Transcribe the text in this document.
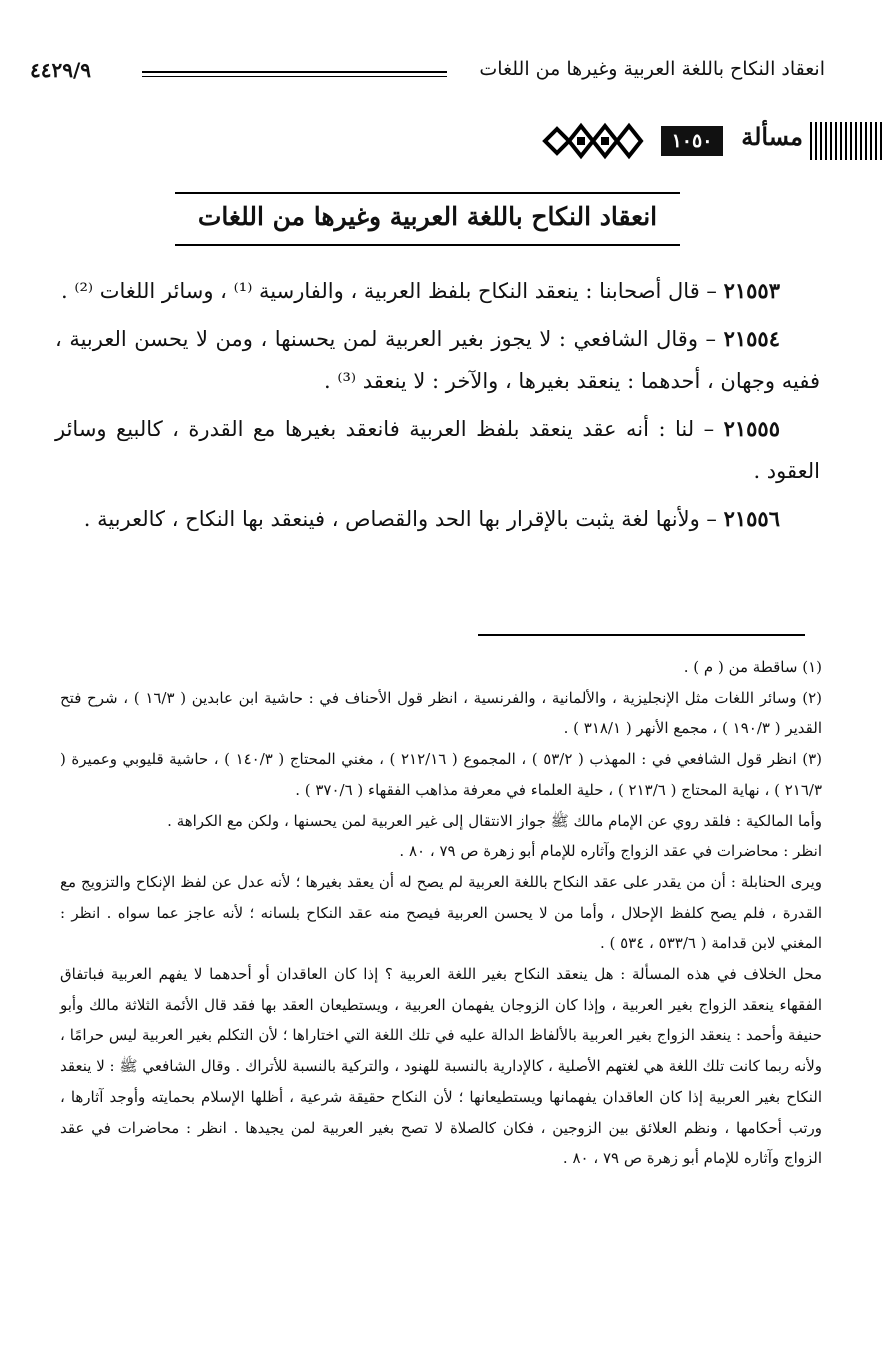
انعقاد النكاح باللغة العربية وغيرها من اللغات
٤٤٢٩/٩
مسألة
١٠٥٠
انعقاد النكاح باللغة العربية وغيرها من اللغات

٢١٥٥٣ – قال أصحابنا : ينعقد النكاح بلفظ العربية ، والفارسية ⁽¹⁾ ، وسائر اللغات ⁽²⁾ .

٢١٥٥٤ – وقال الشافعي : لا يجوز بغير العربية لمن يحسنها ، ومن لا يحسن العربية ، ففيه وجهان ، أحدهما : ينعقد بغيرها ، والآخر : لا ينعقد ⁽³⁾ .

٢١٥٥٥ – لنا : أنه عقد ينعقد بلفظ العربية فانعقد بغيرها مع القدرة ، كالبيع وسائر العقود .

٢١٥٥٦ – ولأنها لغة يثبت بالإقرار بها الحد والقصاص ، فينعقد بها النكاح ، كالعربية .

(١) ساقطة من ( م ) .

(٢) وسائر اللغات مثل الإنجليزية ، والألمانية ، والفرنسية ، انظر قول الأحناف في : حاشية ابن عابدين ( ١٦/٣ ) ، شرح فتح القدير ( ١٩٠/٣ ) ، مجمع الأنهر ( ٣١٨/١ ) .

(٣) انظر قول الشافعي في : المهذب ( ٥٣/٢ ) ، المجموع ( ٢١٢/١٦ ) ، مغني المحتاج ( ١٤٠/٣ ) ، حاشية قليوبي وعميرة ( ٢١٦/٣ ) ، نهاية المحتاج ( ٢١٣/٦ ) ، حلية العلماء في معرفة مذاهب الفقهاء ( ٣٧٠/٦ ) .

وأما المالكية : فلقد روي عن الإمام مالك ﷺ جواز الانتقال إلى غير العربية لمن يحسنها ، ولكن مع الكراهة .

انظر : محاضرات في عقد الزواج وآثاره للإمام أبو زهرة ص ٧٩ ، ٨٠ .

ويرى الحنابلة : أن من يقدر على عقد النكاح باللغة العربية لم يصح له أن يعقد بغيرها ؛ لأنه عدل عن لفظ الإنكاح والتزويج مع القدرة ، فلم يصح كلفظ الإحلال ، وأما من لا يحسن العربية فيصح منه عقد النكاح بلسانه ؛ لأنه عاجز عما سواه . انظر : المغني لابن قدامة ( ٥٣٣/٦ ، ٥٣٤ ) .

محل الخلاف في هذه المسألة : هل ينعقد النكاح بغير اللغة العربية ؟ إذا كان العاقدان أو أحدهما لا يفهم العربية فباتفاق الفقهاء ينعقد الزواج بغير العربية ، وإذا كان الزوجان يفهمان العربية ، ويستطيعان العقد بها فقد قال الأئمة الثلاثة مالك وأبو حنيفة وأحمد : ينعقد الزواج بغير العربية بالألفاظ الدالة عليه في تلك اللغة التي اختاراها ؛ لأن التكلم بغير العربية ليس حرامًا ، ولأنه ربما كانت تلك اللغة هي لغتهم الأصلية ، كالإدارية بالنسبة للهنود ، والتركية بالنسبة للأتراك . وقال الشافعي ﷺ : لا ينعقد النكاح بغير العربية إذا كان العاقدان يفهمانها ويستطيعانها ؛ لأن النكاح حقيقة شرعية ، أظلها الإسلام بحمايته وأوجد آثارها ، ورتب أحكامها ، ونظم العلائق بين الزوجين ، فكان كالصلاة لا تصح بغير العربية لمن يجيدها . انظر : محاضرات في عقد الزواج وآثاره للإمام أبو زهرة ص ٧٩ ، ٨٠ .
